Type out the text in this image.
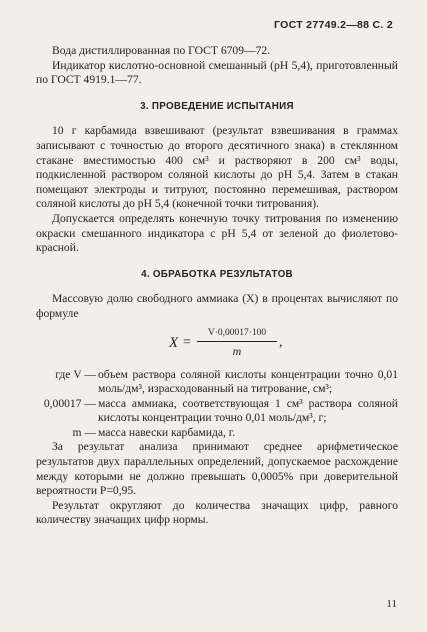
ГОСТ 27749.2—88 С. 2

Вода дистиллированная по ГОСТ 6709—72.

Индикатор кислотно-основной смешанный (pH 5,4), приготовленный по ГОСТ 4919.1—77.

3. ПРОВЕДЕНИЕ ИСПЫТАНИЯ

10 г карбамида взвешивают (результат взвешивания в граммах записывают с точностью до второго десятичного знака) в стеклянном стакане вместимостью 400 см³ и растворяют в 200 см³ воды, подкисленной раствором соляной кислоты до pH 5,4. Затем в стакан помещают электроды и титруют, постоянно перемешивая, раствором соляной кислоты до pH 5,4 (конечной точки титрования).

Допускается определять конечную точку титрования по изменению окраски смешанного индикатора с pH 5,4 от зеленой до фиолетово-красной.

4. ОБРАБОТКА РЕЗУЛЬТАТОВ

Массовую долю свободного аммиака (X) в процентах вычисляют по формуле

X =
V·0,00017·100
m
,
где V — объем раствора соляной кислоты концентрации точно 0,01 моль/дм³, израсходованный на титрование, см³;
0,00017 — масса аммиака, соответствующая 1 см³ раствора соляной кислоты концентрации точно 0,01 моль/дм³, г;
m — масса навески карбамида, г.

За результат анализа принимают среднее арифметическое результатов двух параллельных определений, допускаемое расхождение между которыми не должно превышать 0,0005% при доверительной вероятности P=0,95.

Результат округляют до количества значащих цифр, равного количеству значащих цифр нормы.

11
